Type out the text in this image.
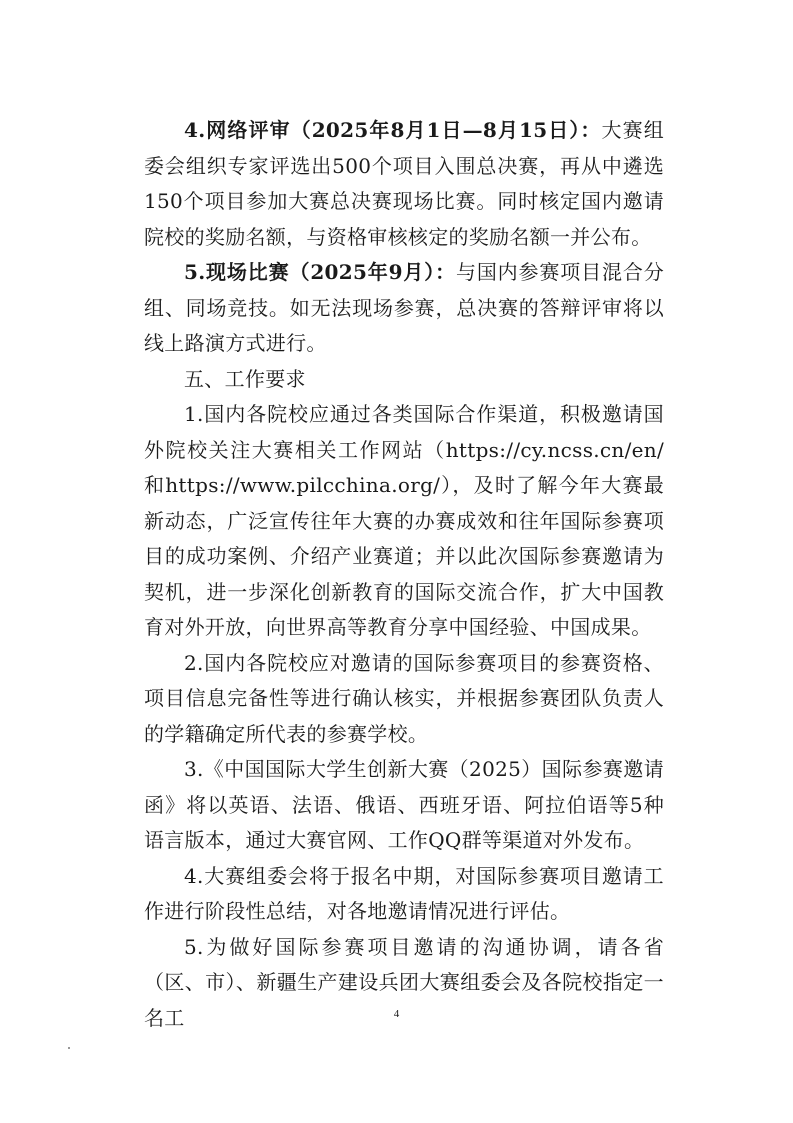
4.网络评审（2025年8月1日—8月15日）：大赛组委会组织专家评选出500个项目入围总决赛，再从中遴选150个项目参加大赛总决赛现场比赛。同时核定国内邀请院校的奖励名额，与资格审核核定的奖励名额一并公布。

5.现场比赛（2025年9月）：与国内参赛项目混合分组、同场竞技。如无法现场参赛，总决赛的答辩评审将以线上路演方式进行。

五、工作要求

1.国内各院校应通过各类国际合作渠道，积极邀请国外院校关注大赛相关工作网站（https://cy.ncss.cn/en/和https://www.pilcchina.org/），及时了解今年大赛最新动态，广泛宣传往年大赛的办赛成效和往年国际参赛项目的成功案例、介绍产业赛道；并以此次国际参赛邀请为契机，进一步深化创新教育的国际交流合作，扩大中国教育对外开放，向世界高等教育分享中国经验、中国成果。

2.国内各院校应对邀请的国际参赛项目的参赛资格、项目信息完备性等进行确认核实，并根据参赛团队负责人的学籍确定所代表的参赛学校。

3.《中国国际大学生创新大赛（2025）国际参赛邀请函》将以英语、法语、俄语、西班牙语、阿拉伯语等5种语言版本，通过大赛官网、工作QQ群等渠道对外发布。

4.大赛组委会将于报名中期，对国际参赛项目邀请工作进行阶段性总结，对各地邀请情况进行评估。

5.为做好国际参赛项目邀请的沟通协调，请各省（区、市）、新疆生产建设兵团大赛组委会及各院校指定一名工	4
